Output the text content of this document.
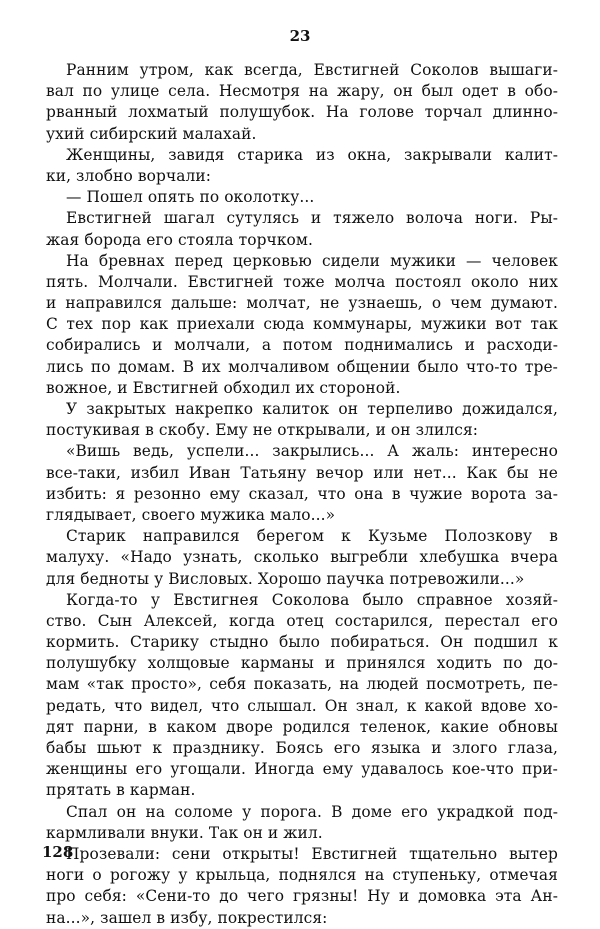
23
Ранним утром, как всегда, Евстигней Соколов вышаги-
вал по улице села. Несмотря на жару, он был одет в обо-
рванный лохматый полушубок. На голове торчал длинно-
ухий сибирский малахай.
Женщины, завидя старика из окна, закрывали калит-
ки, злобно ворчали:
— Пошел опять по околотку...
Евстигней шагал сутулясь и тяжело волоча ноги. Ры-
жая борода его стояла торчком.
На бревнах перед церковью сидели мужики — человек
пять. Молчали. Евстигней тоже молча постоял около них
и направился дальше: молчат, не узнаешь, о чем думают.
С тех пор как приехали сюда коммунары, мужики вот так
собирались и молчали, а потом поднимались и расходи-
лись по домам. В их молчаливом общении было что-то тре-
вожное, и Евстигней обходил их стороной.
У закрытых накрепко калиток он терпеливо дожидался,
постукивая в скобу. Ему не открывали, и он злился:
«Вишь ведь, успели... закрылись... А жаль: интересно
все-таки, избил Иван Татьяну вечор или нет... Как бы не
избить: я резонно ему сказал, что она в чужие ворота за-
глядывает, своего мужика мало...»
Старик направился берегом к Кузьме Полозкову в
малуху. «Надо узнать, сколько выгребли хлебушка вчера
для бедноты у Висловых. Хорошо паучка потревожили...»
Когда-то у Евстигнея Соколова было справное хозяй-
ство. Сын Алексей, когда отец состарился, перестал его
кормить. Старику стыдно было побираться. Он подшил к
полушубку холщовые карманы и принялся ходить по до-
мам «так просто», себя показать, на людей посмотреть, пе-
редать, что видел, что слышал. Он знал, к какой вдове хо-
дят парни, в каком дворе родился теленок, какие обновы
бабы шьют к празднику. Боясь его языка и злого глаза,
женщины его угощали. Иногда ему удавалось кое-что при-
прятать в карман.
Спал он на соломе у порога. В доме его украдкой под-
кармливали внуки. Так он и жил.
Прозевали: сени открыты! Евстигней тщательно вытер
ноги о рогожу у крыльца, поднялся на ступеньку, отмечая
про себя: «Сени-то до чего грязны! Ну и домовка эта Ан-
на...», зашел в избу, покрестился:
128
